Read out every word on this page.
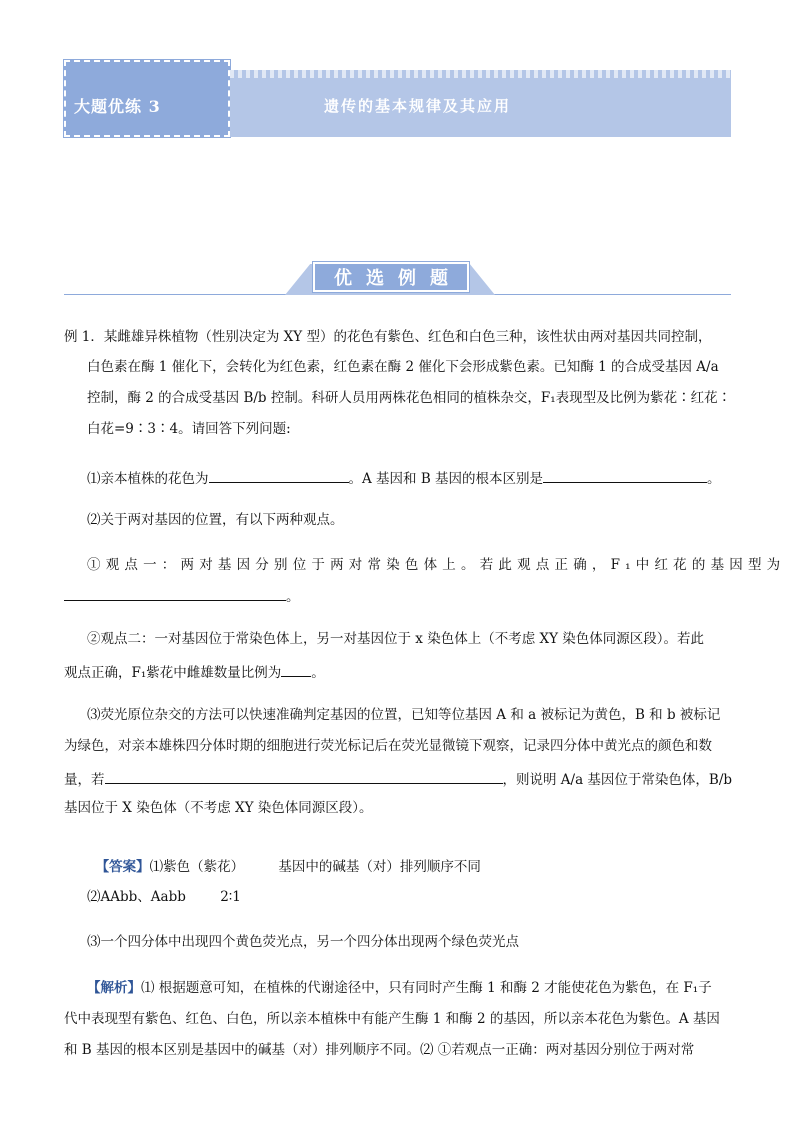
大题优练 3	遗传的基本规律及其应用
优选例题
例 1．某雌雄异株植物（性别决定为 XY 型）的花色有紫色、红色和白色三种，该性状由两对基因共同控制，
白色素在酶 1 催化下，会转化为红色素，红色素在酶 2 催化下会形成紫色素。已知酶 1 的合成受基因 A/a
控制，酶 2 的合成受基因 B/b 控制。科研人员用两株花色相同的植株杂交，F₁表现型及比例为紫花∶红花∶
白花=9∶3∶4。请回答下列问题:
⑴亲本植株的花色为	。A 基因和 B 基因的根本区别是	。
⑵关于两对基因的位置，有以下两种观点。
①观点一：两对基因分别位于两对常染色体上。若此观点正确，F₁中红花的基因型为
。
②观点二：一对基因位于常染色体上，另一对基因位于 x 染色体上（不考虑 XY 染色体同源区段）。若此
观点正确，F₁紫花中雌雄数量比例为 。
⑶荧光原位杂交的方法可以快速准确判定基因的位置，已知等位基因 A 和 a 被标记为黄色，B 和 b 被标记
为绿色，对亲本雄株四分体时期的细胞进行荧光标记后在荧光显微镜下观察，记录四分体中黄光点的颜色和数
量，若	，则说明 A/a 基因位于常染色体，B/b
基因位于 X 染色体（不考虑 XY 染色体同源区段）。

【答案】⑴紫色（紫花）        基因中的碱基（对）排列顺序不同

⑵AAbb、Aabb        2∶1
⑶一个四分体中出现四个黄色荧光点，另一个四分体出现两个绿色荧光点
【解析】⑴ 根据题意可知，在植株的代谢途径中，只有同时产生酶 1 和酶 2 才能使花色为紫色，在 F₁子
代中表现型有紫色、红色、白色，所以亲本植株中有能产生酶 1 和酶 2 的基因，所以亲本花色为紫色。A 基因
和 B 基因的根本区别是基因中的碱基（对）排列顺序不同。⑵ ①若观点一正确：两对基因分别位于两对常
